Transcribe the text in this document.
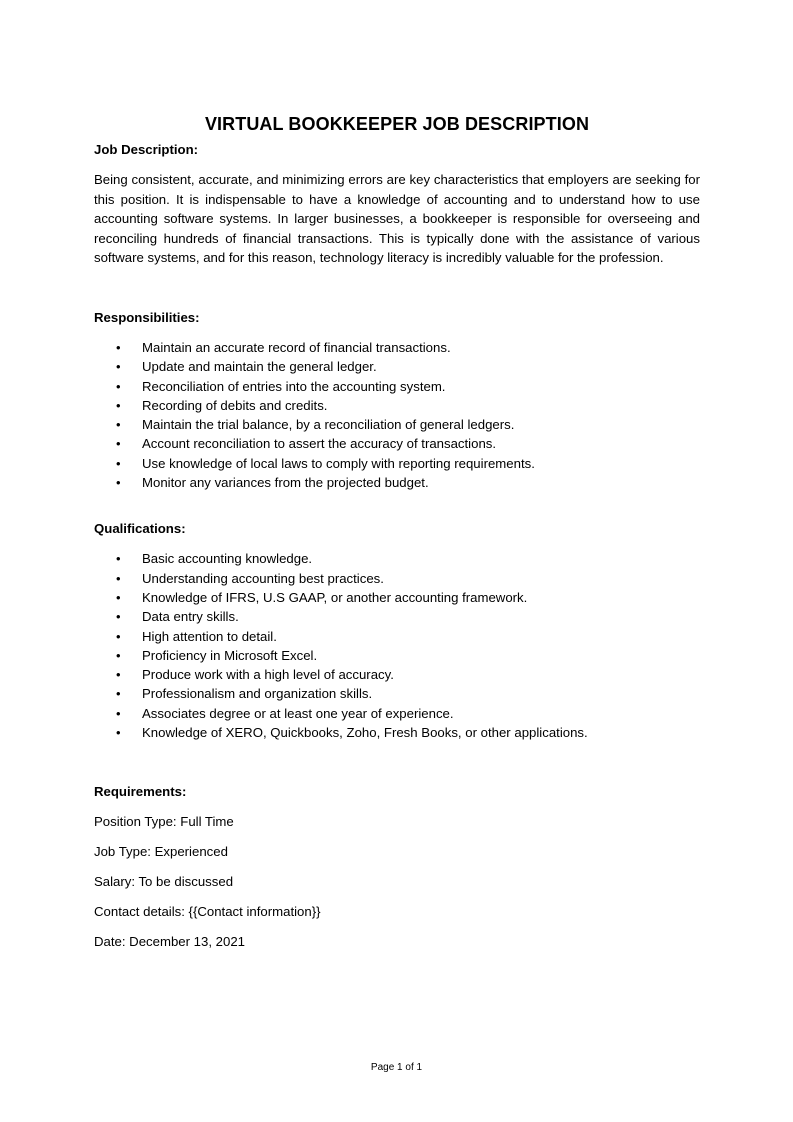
VIRTUAL BOOKKEEPER JOB DESCRIPTION

Job Description:

Being consistent, accurate, and minimizing errors are key characteristics that employers are seeking for this position. It is indispensable to have a knowledge of accounting and to understand how to use accounting software systems. In larger businesses, a bookkeeper is responsible for overseeing and reconciling hundreds of financial transactions. This is typically done with the assistance of various software systems, and for this reason, technology literacy is incredibly valuable for the profession.

Responsibilities:

• Maintain an accurate record of financial transactions.
• Update and maintain the general ledger.
• Reconciliation of entries into the accounting system.
• Recording of debits and credits.
• Maintain the trial balance, by a reconciliation of general ledgers.
• Account reconciliation to assert the accuracy of transactions.
• Use knowledge of local laws to comply with reporting requirements.
• Monitor any variances from the projected budget.

Qualifications:

• Basic accounting knowledge.
• Understanding accounting best practices.
• Knowledge of IFRS, U.S GAAP, or another accounting framework.
• Data entry skills.
• High attention to detail.
• Proficiency in Microsoft Excel.
• Produce work with a high level of accuracy.
• Professionalism and organization skills.
• Associates degree or at least one year of experience.
• Knowledge of XERO, Quickbooks, Zoho, Fresh Books, or other applications.

Requirements:

Position Type: Full Time

Job Type: Experienced

Salary: To be discussed

Contact details: {{Contact information}}

Date: December 13, 2021

Page 1 of 1
